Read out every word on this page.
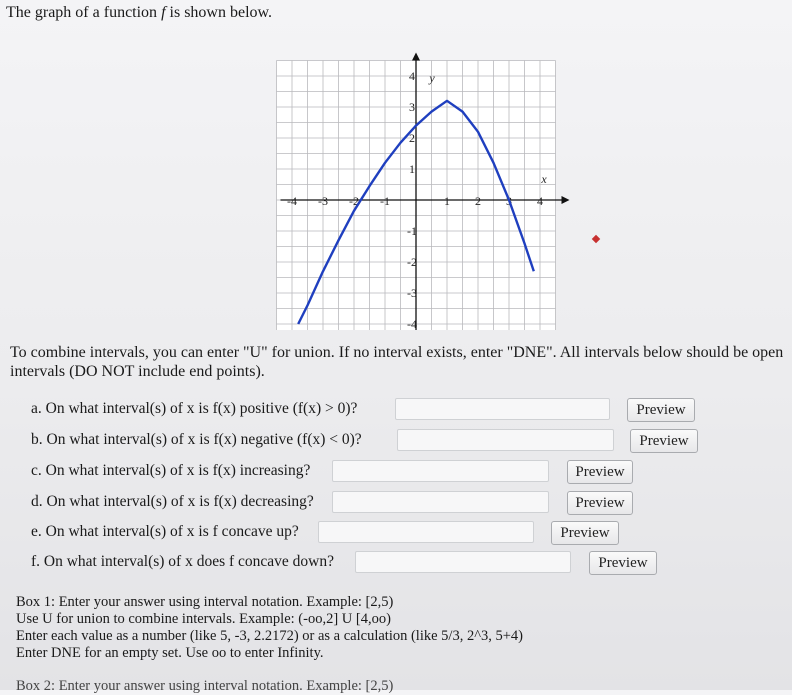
The graph of a function f is shown below.
-4 -3 -2 -1	1 2 3 4
4
3
2
1
-1
-2
-3
-4
x
y
To combine intervals, you can enter "U" for union. If no interval exists, enter "DNE". All intervals below should be open intervals (DO NOT include end points).
a. On what interval(s) of x is f(x) positive (f(x) > 0)?	Preview
b. On what interval(s) of x is f(x) negative (f(x) < 0)?	Preview
c. On what interval(s) of x is f(x) increasing?	Preview
d. On what interval(s) of x is f(x) decreasing?	Preview
e. On what interval(s) of x is f concave up?	Preview
f. On what interval(s) of x does f concave down?	Preview
Box 1: Enter your answer using interval notation. Example: [2,5)
Use U for union to combine intervals. Example: (-oo,2] U [4,oo)
Enter each value as a number (like 5, -3, 2.2172) or as a calculation (like 5/3, 2^3, 5+4)
Enter DNE for an empty set. Use oo to enter Infinity.
Box 2: Enter your answer using interval notation. Example: [2,5)
